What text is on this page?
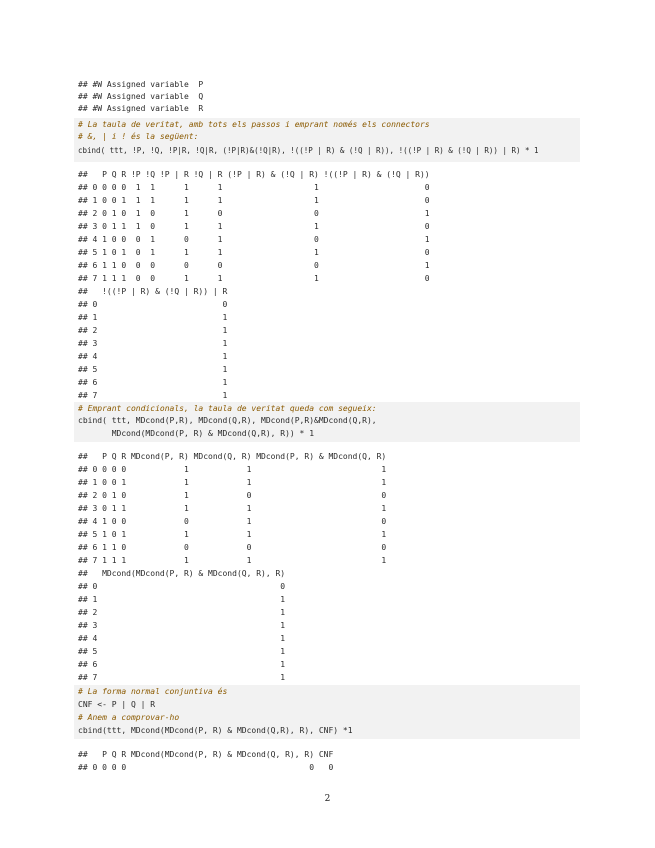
## #W Assigned variable  P
## #W Assigned variable  Q
## #W Assigned variable  R
# La taula de veritat, amb tots els passos i emprant només els connectors
# &, | i ! és la següent:
cbind( ttt, !P, !Q, !P|R, !Q|R, (!P|R)&(!Q|R), !((!P | R) & (!Q | R)), !((!P | R) & (!Q | R)) | R) * 1
##   P Q R !P !Q !P | R !Q | R (!P | R) & (!Q | R) !((!P | R) & (!Q | R))
## 0 0 0 0  1  1      1      1                   1                      0
## 1 0 0 1  1  1      1      1                   1                      0
## 2 0 1 0  1  0      1      0                   0                      1
## 3 0 1 1  1  0      1      1                   1                      0
## 4 1 0 0  0  1      0      1                   0                      1
## 5 1 0 1  0  1      1      1                   1                      0
## 6 1 1 0  0  0      0      0                   0                      1
## 7 1 1 1  0  0      1      1                   1                      0
##   !((!P | R) & (!Q | R)) | R
## 0                          0
## 1                          1
## 2                          1
## 3                          1
## 4                          1
## 5                          1
## 6                          1
## 7                          1
# Emprant condicionals, la taula de veritat queda com segueix:
cbind( ttt, MDcond(P,R), MDcond(Q,R), MDcond(P,R)&MDcond(Q,R),
MDcond(MDcond(P, R) & MDcond(Q,R), R)) * 1
##   P Q R MDcond(P, R) MDcond(Q, R) MDcond(P, R) & MDcond(Q, R)
## 0 0 0 0            1            1                           1
## 1 0 0 1            1            1                           1
## 2 0 1 0            1            0                           0
## 3 0 1 1            1            1                           1
## 4 1 0 0            0            1                           0
## 5 1 0 1            1            1                           1
## 6 1 1 0            0            0                           0
## 7 1 1 1            1            1                           1
##   MDcond(MDcond(P, R) & MDcond(Q, R), R)
## 0                                      0
## 1                                      1
## 2                                      1
## 3                                      1
## 4                                      1
## 5                                      1
## 6                                      1
## 7                                      1
# La forma normal conjuntiva és
CNF <- P | Q | R
# Anem a comprovar-ho
cbind(ttt, MDcond(MDcond(P, R) & MDcond(Q,R), R), CNF) *1
##   P Q R MDcond(MDcond(P, R) & MDcond(Q, R), R) CNF
## 0 0 0 0                                      0   0
2
